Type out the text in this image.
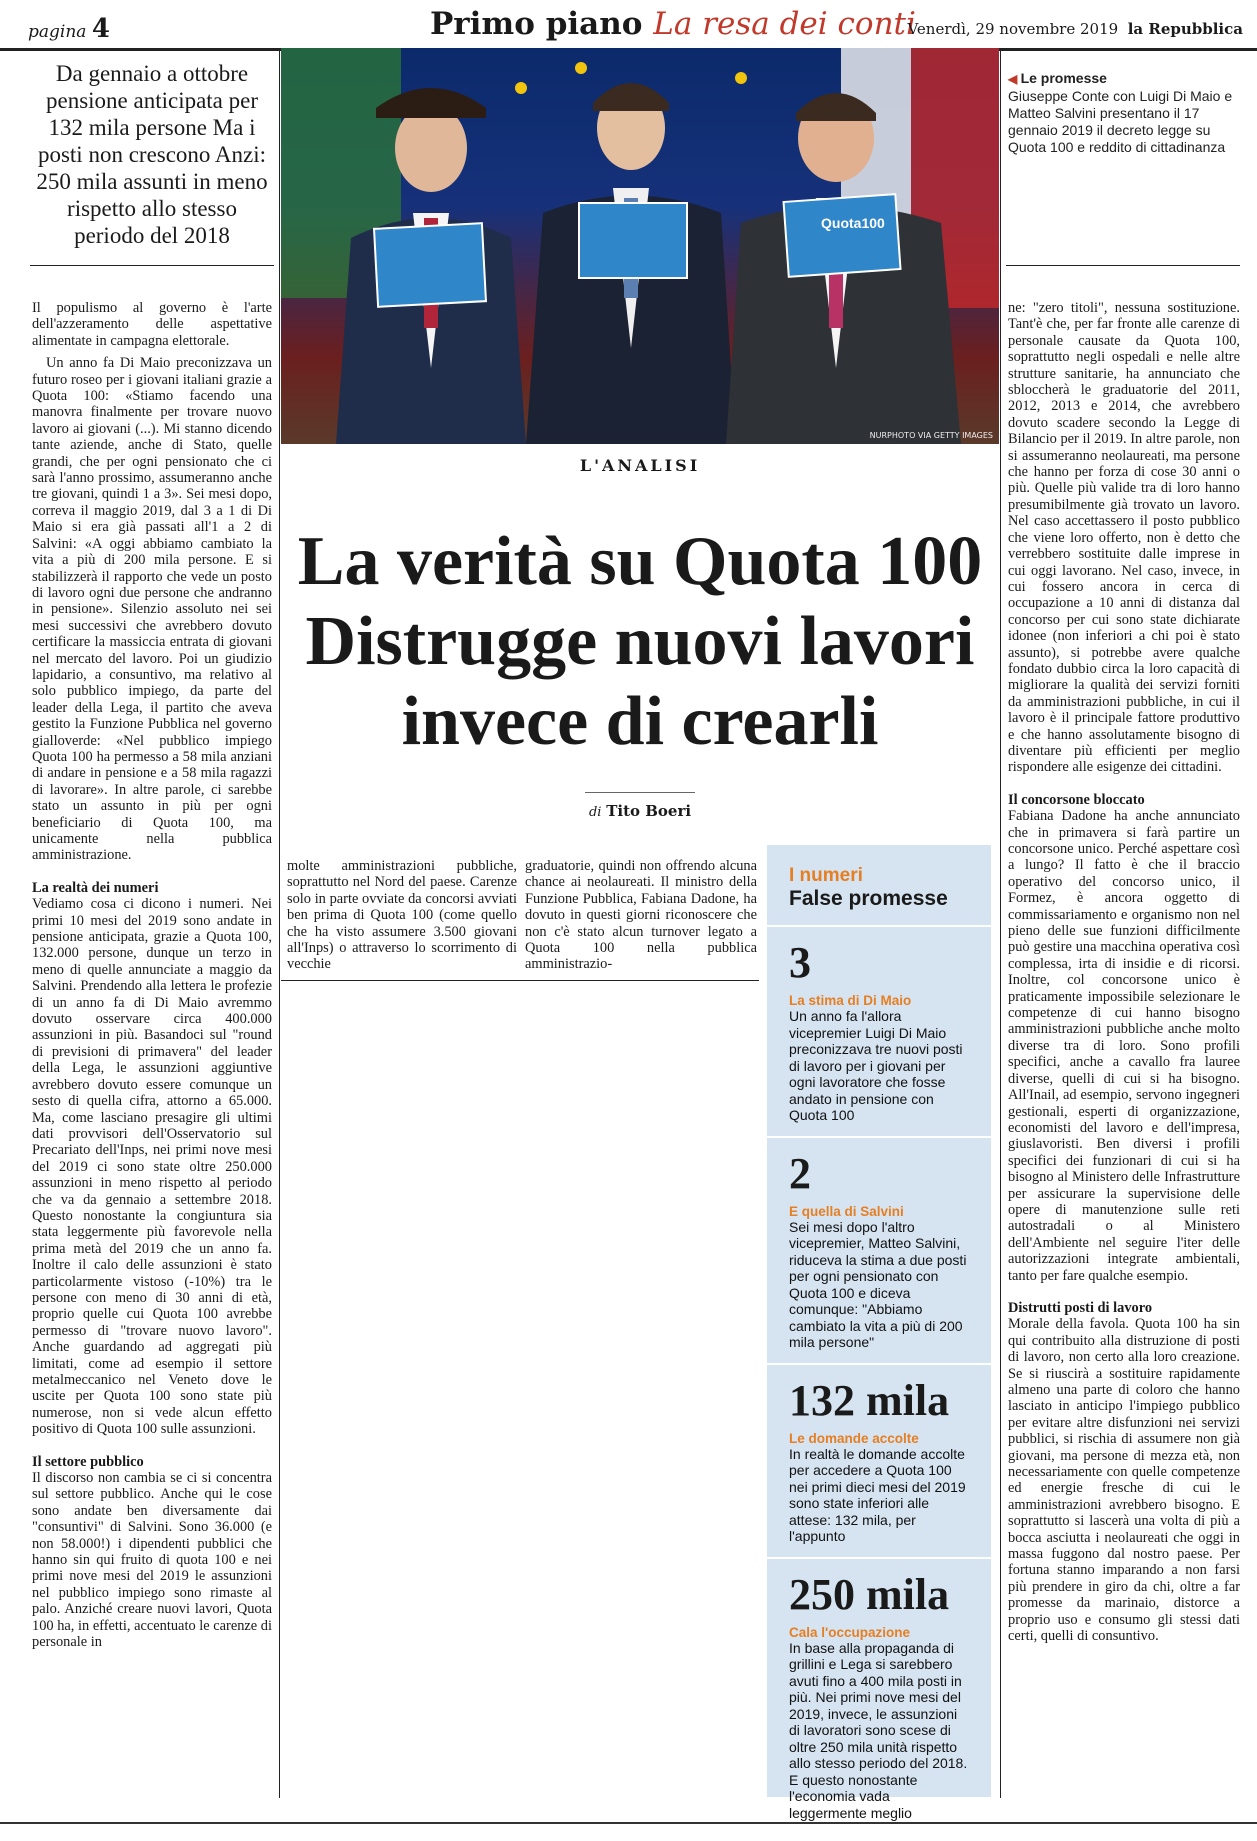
pagina 4	Primo piano La resa dei conti
Venerdì, 29 novembre 2019 la Repubblica
Da gennaio a ottobre pensione anticipata per 132 mila persone Ma i posti non crescono Anzi: 250 mila assunti in meno rispetto allo stesso periodo del 2018	Quota100
NURPHOTO VIA GETTY IMAGES
◀ Le promesse
Giuseppe Conte con Luigi Di Maio e Matteo Salvini presentano il 17 gennaio 2019 il decreto legge su Quota 100 e reddito di cittadinanza
L'ANALISI
La verità su Quota 100
Distrugge nuovi lavori
invece di crearli
di Tito Boeri

Il populismo al governo è l'arte dell'azzeramento delle aspettative alimentate in campagna elettorale.

Un anno fa Di Maio preconizzava un futuro roseo per i giovani italiani grazie a Quota 100: «Stiamo facendo una manovra finalmente per trovare nuovo lavoro ai giovani (...). Mi stanno dicendo tante aziende, anche di Stato, quelle grandi, che per ogni pensionato che ci sarà l'anno prossimo, assumeranno anche tre giovani, quindi 1 a 3». Sei mesi dopo, correva il maggio 2019, dal 3 a 1 di Di Maio si era già passati all'1 a 2 di Salvini: «A oggi abbiamo cambiato la vita a più di 200 mila persone. E si stabilizzerà il rapporto che vede un posto di lavoro ogni due persone che andranno in pensione». Silenzio assoluto nei sei mesi successivi che avrebbero dovuto certificare la massiccia entrata di giovani nel mercato del lavoro. Poi un giudizio lapidario, a consuntivo, ma relativo al solo pubblico impiego, da parte del leader della Lega, il partito che aveva gestito la Funzione Pubblica nel governo gialloverde: «Nel pubblico impiego Quota 100 ha permesso a 58 mila anziani di andare in pensione e a 58 mila ragazzi di lavorare». In altre parole, ci sarebbe stato un assunto in più per ogni beneficiario di Quota 100, ma unicamente nella pubblica amministrazione.

La realtà dei numeri

Vediamo cosa ci dicono i numeri. Nei primi 10 mesi del 2019 sono andate in pensione anticipata, grazie a Quota 100, 132.000 persone, dunque un terzo in meno di quelle annunciate a maggio da Salvini. Prendendo alla lettera le profezie di un anno fa di Di Maio avremmo dovuto osservare circa 400.000 assunzioni in più. Basandoci sul "round di previsioni di primavera" del leader della Lega, le assunzioni aggiuntive avrebbero dovuto essere comunque un sesto di quella cifra, attorno a 65.000. Ma, come lasciano presagire gli ultimi dati provvisori dell'Osservatorio sul Precariato dell'Inps, nei primi nove mesi del 2019 ci sono state oltre 250.000 assunzioni in meno rispetto al periodo che va da gennaio a settembre 2018. Questo nonostante la congiuntura sia stata leggermente più favorevole nella prima metà del 2019 che un anno fa. Inoltre il calo delle assunzioni è stato particolarmente vistoso (-10%) tra le persone con meno di 30 anni di età, proprio quelle cui Quota 100 avrebbe permesso di "trovare nuovo lavoro". Anche guardando ad aggregati più limitati, come ad esempio il settore metalmeccanico nel Veneto dove le uscite per Quota 100 sono state più numerose, non si vede alcun effetto positivo di Quota 100 sulle assunzioni.

Il settore pubblico

Il discorso non cambia se ci si concentra sul settore pubblico. Anche qui le cose sono andate ben diversamente dai "consuntivi" di Salvini. Sono 36.000 (e non 58.000!) i dipendenti pubblici che hanno sin qui fruito di quota 100 e nei primi nove mesi del 2019 le assunzioni nel pubblico impiego sono rimaste al palo. Anziché creare nuovi lavori, Quota 100 ha, in effetti, accentuato le carenze di personale in

molte amministrazioni pubbliche, soprattutto nel Nord del paese. Carenze solo in parte ovviate da concorsi avviati ben prima di Quota 100 (come quello che ha visto assumere 3.500 giovani all'Inps) o attraverso lo scorrimento di vecchie

graduatorie, quindi non offrendo alcuna chance ai neolaureati. Il ministro della Funzione Pubblica, Fabiana Dadone, ha dovuto in questi giorni riconoscere che non c'è stato alcun turnover legato a Quota 100 nella pubblica amministrazio-

I numeri
False promesse
3
La stima di Di Maio
Un anno fa l'allora vicepremier Luigi Di Maio preconizzava tre nuovi posti di lavoro per i giovani per ogni lavoratore che fosse andato in pensione con Quota 100
2
E quella di Salvini
Sei mesi dopo l'altro vicepremier, Matteo Salvini, riduceva la stima a due posti per ogni pensionato con Quota 100 e diceva comunque: "Abbiamo cambiato la vita a più di 200 mila persone"
132 mila
Le domande accolte
In realtà le domande accolte per accedere a Quota 100 nei primi dieci mesi del 2019 sono state inferiori alle attese: 132 mila, per l'appunto
250 mila
Cala l'occupazione
In base alla propaganda di grillini e Lega si sarebbero avuti fino a 400 mila posti in più. Nei primi nove mesi del 2019, invece, le assunzioni di lavoratori sono scese di oltre 250 mila unità rispetto allo stesso periodo del 2018. E questo nonostante l'economia vada leggermente meglio

ne: "zero titoli", nessuna sostituzione. Tant'è che, per far fronte alle carenze di personale causate da Quota 100, soprattutto negli ospedali e nelle altre strutture sanitarie, ha annunciato che sbloccherà le graduatorie del 2011, 2012, 2013 e 2014, che avrebbero dovuto scadere secondo la Legge di Bilancio per il 2019. In altre parole, non si assumeranno neolaureati, ma persone che hanno per forza di cose 30 anni o più. Quelle più valide tra di loro hanno presumibilmente già trovato un lavoro. Nel caso accettassero il posto pubblico che viene loro offerto, non è detto che verrebbero sostituite dalle imprese in cui oggi lavorano. Nel caso, invece, in cui fossero ancora in cerca di occupazione a 10 anni di distanza dal concorso per cui sono state dichiarate idonee (non inferiori a chi poi è stato assunto), si potrebbe avere qualche fondato dubbio circa la loro capacità di migliorare la qualità dei servizi forniti da amministrazioni pubbliche, in cui il lavoro è il principale fattore produttivo e che hanno assolutamente bisogno di diventare più efficienti per meglio rispondere alle esigenze dei cittadini.

Il concorsone bloccato

Fabiana Dadone ha anche annunciato che in primavera si farà partire un concorsone unico. Perché aspettare così a lungo? Il fatto è che il braccio operativo del concorso unico, il Formez, è ancora oggetto di commissariamento e organismo non nel pieno delle sue funzioni difficilmente può gestire una macchina operativa così complessa, irta di insidie e di ricorsi. Inoltre, col concorsone unico è praticamente impossibile selezionare le competenze di cui hanno bisogno amministrazioni pubbliche anche molto diverse tra di loro. Sono profili specifici, anche a cavallo fra lauree diverse, quelli di cui si ha bisogno. All'Inail, ad esempio, servono ingegneri gestionali, esperti di organizzazione, economisti del lavoro e dell'impresa, giuslavoristi. Ben diversi i profili specifici dei funzionari di cui si ha bisogno al Ministero delle Infrastrutture per assicurare la supervisione delle opere di manutenzione sulle reti autostradali o al Ministero dell'Ambiente nel seguire l'iter delle autorizzazioni integrate ambientali, tanto per fare qualche esempio.

Distrutti posti di lavoro

Morale della favola. Quota 100 ha sin qui contribuito alla distruzione di posti di lavoro, non certo alla loro creazione. Se si riuscirà a sostituire rapidamente almeno una parte di coloro che hanno lasciato in anticipo l'impiego pubblico per evitare altre disfunzioni nei servizi pubblici, si rischia di assumere non già giovani, ma persone di mezza età, non necessariamente con quelle competenze ed energie fresche di cui le amministrazioni avrebbero bisogno. E soprattutto si lascerà una volta di più a bocca asciutta i neolaureati che oggi in massa fuggono dal nostro paese. Per fortuna stanno imparando a non farsi più prendere in giro da chi, oltre a far promesse da marinaio, distorce a proprio uso e consumo gli stessi dati certi, quelli di consuntivo.
